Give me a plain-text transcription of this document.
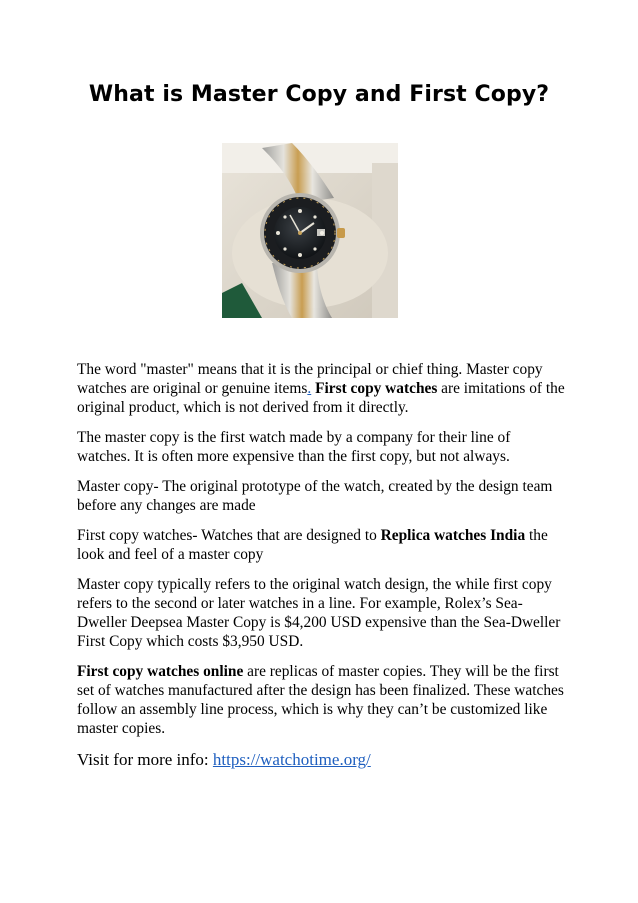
What is Master Copy and First Copy?

The word "master" means that it is the principal or chief thing. Master copy watches are original or genuine items. First copy watches are imitations of the original product, which is not derived from it directly.

The master copy is the first watch made by a company for their line of watches. It is often more expensive than the first copy, but not always.

Master copy- The original prototype of the watch, created by the design team before any changes are made

First copy watches- Watches that are designed to Replica watches India the look and feel of a master copy

Master copy typically refers to the original watch design, the while first copy refers to the second or later watches in a line. For example, Rolex’s Sea-Dweller Deepsea Master Copy is $4,200 USD expensive than the Sea-Dweller First Copy which costs $3,950 USD.

First copy watches online are replicas of master copies. They will be the first set of watches manufactured after the design has been finalized. These watches follow an assembly line process, which is why they can’t be customized like master copies.

Visit for more info: https://watchotime.org/
